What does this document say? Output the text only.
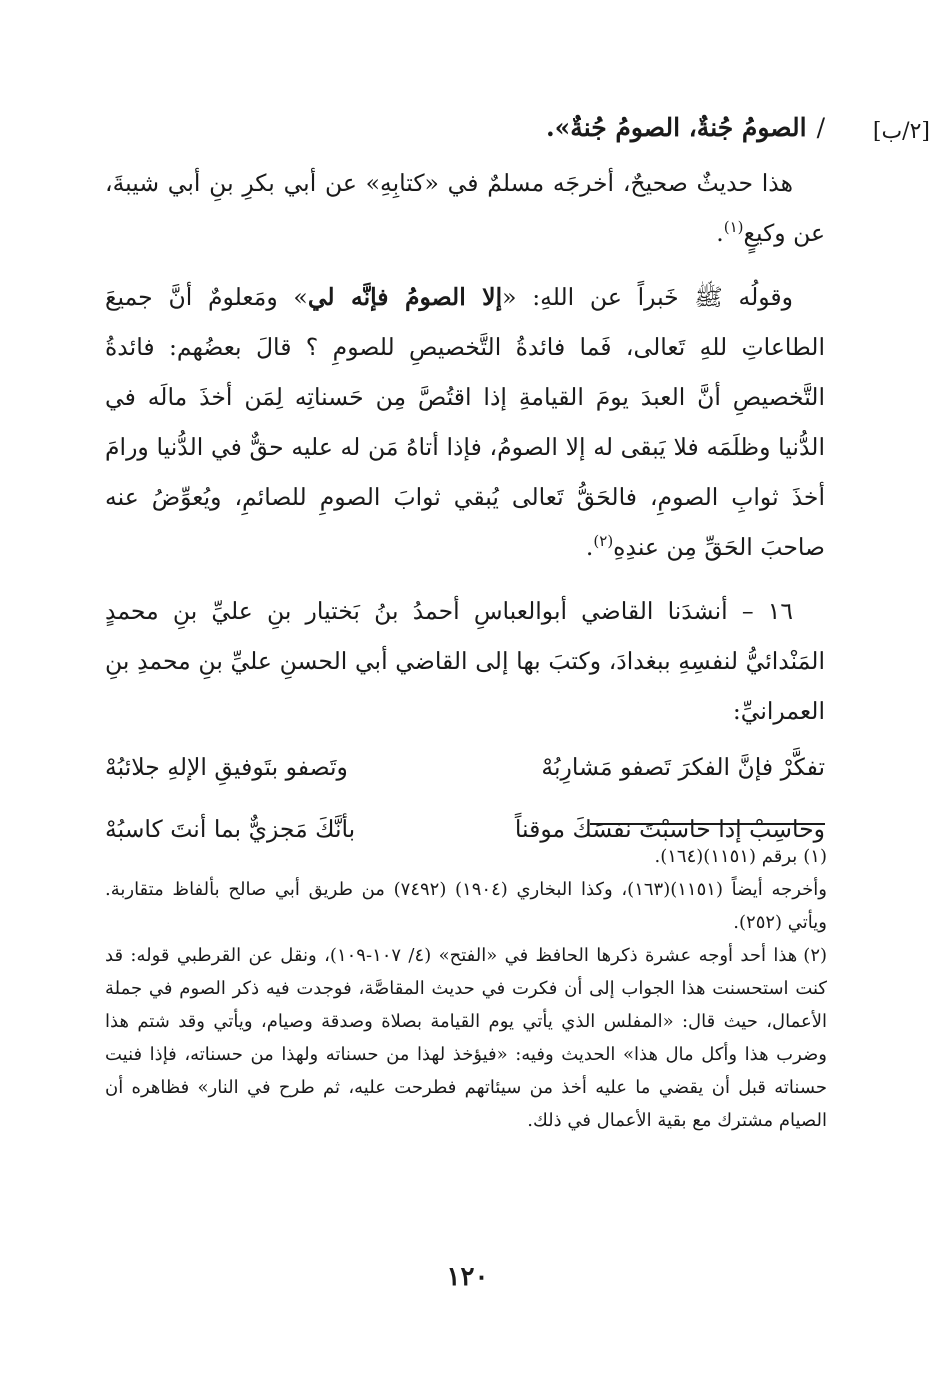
[٢/ب]
/الصومُ جُنةٌ، الصومُ جُنةٌ».

هذا حديثٌ صحيحٌ، أخرجَه مسلمٌ في «كتابِهِ» عن أبي بكرِ بنِ أبي شيبةَ، عن وكيعٍ$^{(١)}$.

وقولُه ﷺ خَبراً عن اللهِ: «إلا الصومُ فإنَّه لي» ومَعلومٌ أنَّ جميعَ الطاعاتِ للهِ تَعالى، فَما فائدةُ التَّخصيصِ للصومِ ؟ قالَ بعضُهم: فائدةُ التَّخصيصِ أنَّ العبدَ يومَ القيامةِ إذا اقتُصَّ مِن حَسناتِه لِمَن أخذَ مالَه في الدُّنيا وظلَمَه فلا يَبقى له إلا الصومُ، فإذا أتاهُ مَن له عليه حقٌّ في الدُّنيا ورامَ أخذَ ثوابِ الصومِ، فالحَقُّ تَعالى يُبقي ثوابَ الصومِ للصائمِ، ويُعوِّضُ عنه صاحبَ الحَقِّ مِن عندِهِ$^{(٢)}$.

١٦ – أنشدَنا القاضي أبوالعباسِ أحمدُ بنُ بَختيار بنِ عليِّ بنِ محمدٍ المَنْدائيُّ لنفسِهِ ببغدادَ، وكتبَ بها إلى القاضي أبي الحسنِ عليِّ بنِ محمدِ بنِ العمرانيِّ:

تفكَّرْ فإنَّ الفكرَ تَصفو مَشارِبُهْ
وتَصفو بتَوفيقِ الإلهِ جلائبُهْ
وحاسِبْ إذا حاسبْتَ نفسَكَ موقناً
بأنَّكَ مَجزيٌّ بما أنتَ كاسبُهْ

(١)برقم (١١٥١)(١٦٤).

وأخرجه أيضاً (١١٥١)(١٦٣)، وكذا البخاري (١٩٠٤) (٧٤٩٢) من طريق أبي صالح بألفاظ متقاربة. ويأتي (٢٥٢).

(٢)هذا أحد أوجه عشرة ذكرها الحافظ في «الفتح» (٤/ ١٠٧-١٠٩)، ونقل عن القرطبي قوله: قد كنت استحسنت هذا الجواب إلى أن فكرت في حديث المقاصَّة، فوجدت فيه ذكر الصوم في جملة الأعمال، حيث قال: «المفلس الذي يأتي يوم القيامة بصلاة وصدقة وصيام، ويأتي وقد شتم هذا وضرب هذا وأكل مال هذا» الحديث وفيه: «فيؤخذ لهذا من حسناته ولهذا من حسناته، فإذا فنيت حسناته قبل أن يقضي ما عليه أخذ من سيئاتهم فطرحت عليه، ثم طرح في النار» فظاهره أن الصيام مشترك مع بقية الأعمال في ذلك.

١٢٠
